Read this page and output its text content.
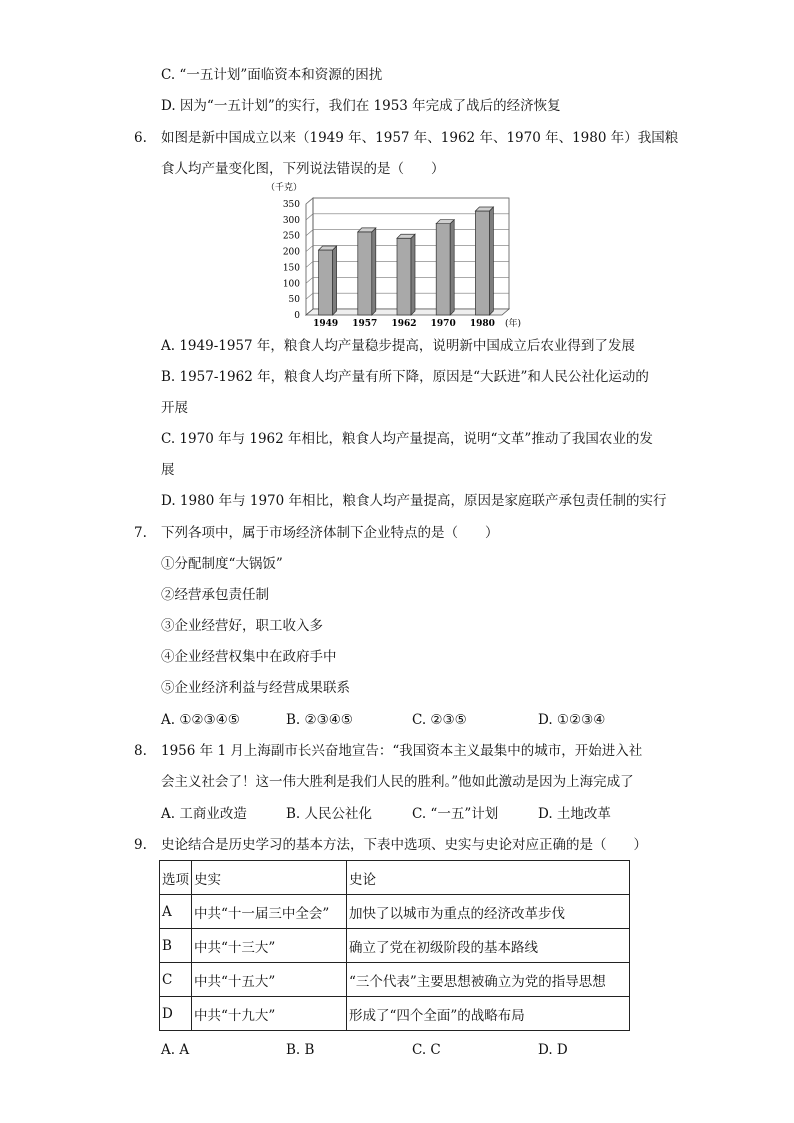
C. “一五计划”面临资本和资源的困扰
D. 因为“一五计划”的实行，我们在 1953 年完成了战后的经济恢复
6. 如图是新中国成立以来（1949 年、1957 年、1962 年、1970 年、1980 年）我国粮
食人均产量变化图，下列说法错误的是（　　）
（千克）
0
50
100
150
200
250
300
350
1949 1957 1962 1970 1980 (年)
A. 1949-1957 年，粮食人均产量稳步提高，说明新中国成立后农业得到了发展
B. 1957-1962 年，粮食人均产量有所下降，原因是“大跃进”和人民公社化运动的
开展
C. 1970 年与 1962 年相比，粮食人均产量提高，说明“文革”推动了我国农业的发
展
D. 1980 年与 1970 年相比，粮食人均产量提高，原因是家庭联产承包责任制的实行
7. 下列各项中，属于市场经济体制下企业特点的是（　　）
①分配制度“大锅饭”
②经营承包责任制
③企业经营好，职工收入多
④企业经营权集中在政府手中
⑤企业经济利益与经营成果联系
A. ①②③④⑤	B. ②③④⑤	C. ②③⑤	D. ①②③④
8. 1956 年 1 月上海副市长兴奋地宣告：“我国资本主义最集中的城市，开始进入社
会主义社会了！这一伟大胜利是我们人民的胜利。”他如此激动是因为上海完成了
A. 工商业改造	B. 人民公社化	C. “一五”计划	D. 土地改革
9. 史论结合是历史学习的基本方法，下表中选项、史实与史论对应正确的是（　　）
选项	史实	史论
A	中共“十一届三中全会”	加快了以城市为重点的经济改革步伐
B	中共“十三大”	确立了党在初级阶段的基本路线
C	中共“十五大”	“三个代表”主要思想被确立为党的指导思想
D	中共“十九大”	形成了“四个全面”的战略布局
A. A	B. B	C. C	D. D
